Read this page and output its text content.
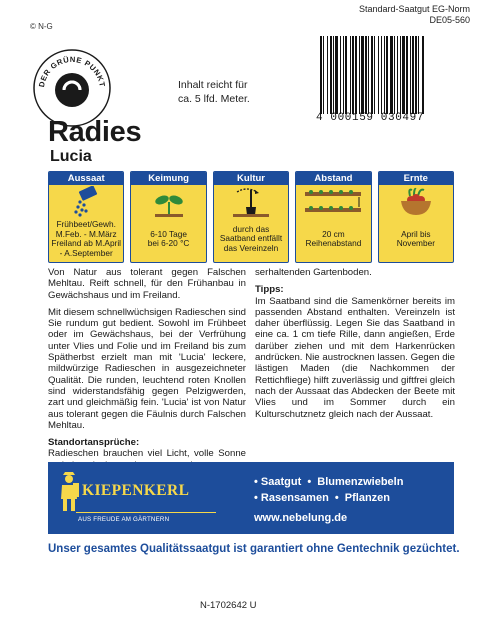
© N-G
DER GRÜNE PUNKT
Standard-Saatgut EG-Norm
DE05-560
Inhalt reicht für
ca. 5 lfd. Meter.
4 000159 030497
Radies
Lucia
Aussaat
Frühbeet/Gewh.
M.Feb. - M.März
Freiland ab M.April
- A.September
Keimung
6-10 Tage
bei 6-20 °C
Kultur
durch das
Saatband entfällt
das Vereinzeln
Abstand
20 cm
Reihenabstand
Ernte
April bis
November

Von Natur aus tolerant gegen Falschen Mehltau. Reift schnell, für den Frühanbau in Gewächshaus und im Freiland.

Mit diesem schnellwüchsigen Radieschen sind Sie rundum gut bedient. Sowohl im Frühbeet oder im Gewächshaus, bei der Verfrühung unter Vlies und Folie und im Freiland bis zum Spätherbst erzielt man mit 'Lucia' leckere, mildwürzige Radieschen in ausgezeichneter Qualität. Die runden, leuchtend roten Knollen sind widerstandsfähig gegen Pelzigwerden, zart und gleichmäßig fein. 'Lucia' ist von Natur aus tolerant gegen die Fäulnis durch Falschen Mehltau.

Standortansprüche:

Radieschen brauchen viel Licht, volle Sonne

serhaltenden Gartenboden.

Tipps:

Im Saatband sind die Samenkörner bereits im passenden Abstand enthalten. Vereinzeln ist daher überflüssig. Legen Sie das Saatband in eine ca. 1 cm tiefe Rille, dann angießen, Erde darüber ziehen und mit dem Harkenrücken andrücken. Nie austrocknen lassen. Gegen die lästigen Maden (die Nachkommen der Rettichfliege) hilft zuverlässig und giftfrei gleich nach der Aussaat das Abdecken der Beete mit Vlies und im Sommer durch ein Kulturschutznetz gleich nach der Aussaat.

KIEPENKERL
AUS FREUDE AM GÄRTNERN
• Saatgut • Blumenzwiebeln
• Rasensamen • Pflanzen
www.nebelung.de
Unser gesamtes Qualitätssaatgut ist garantiert ohne Gentechnik gezüchtet.
N-1702642 U
